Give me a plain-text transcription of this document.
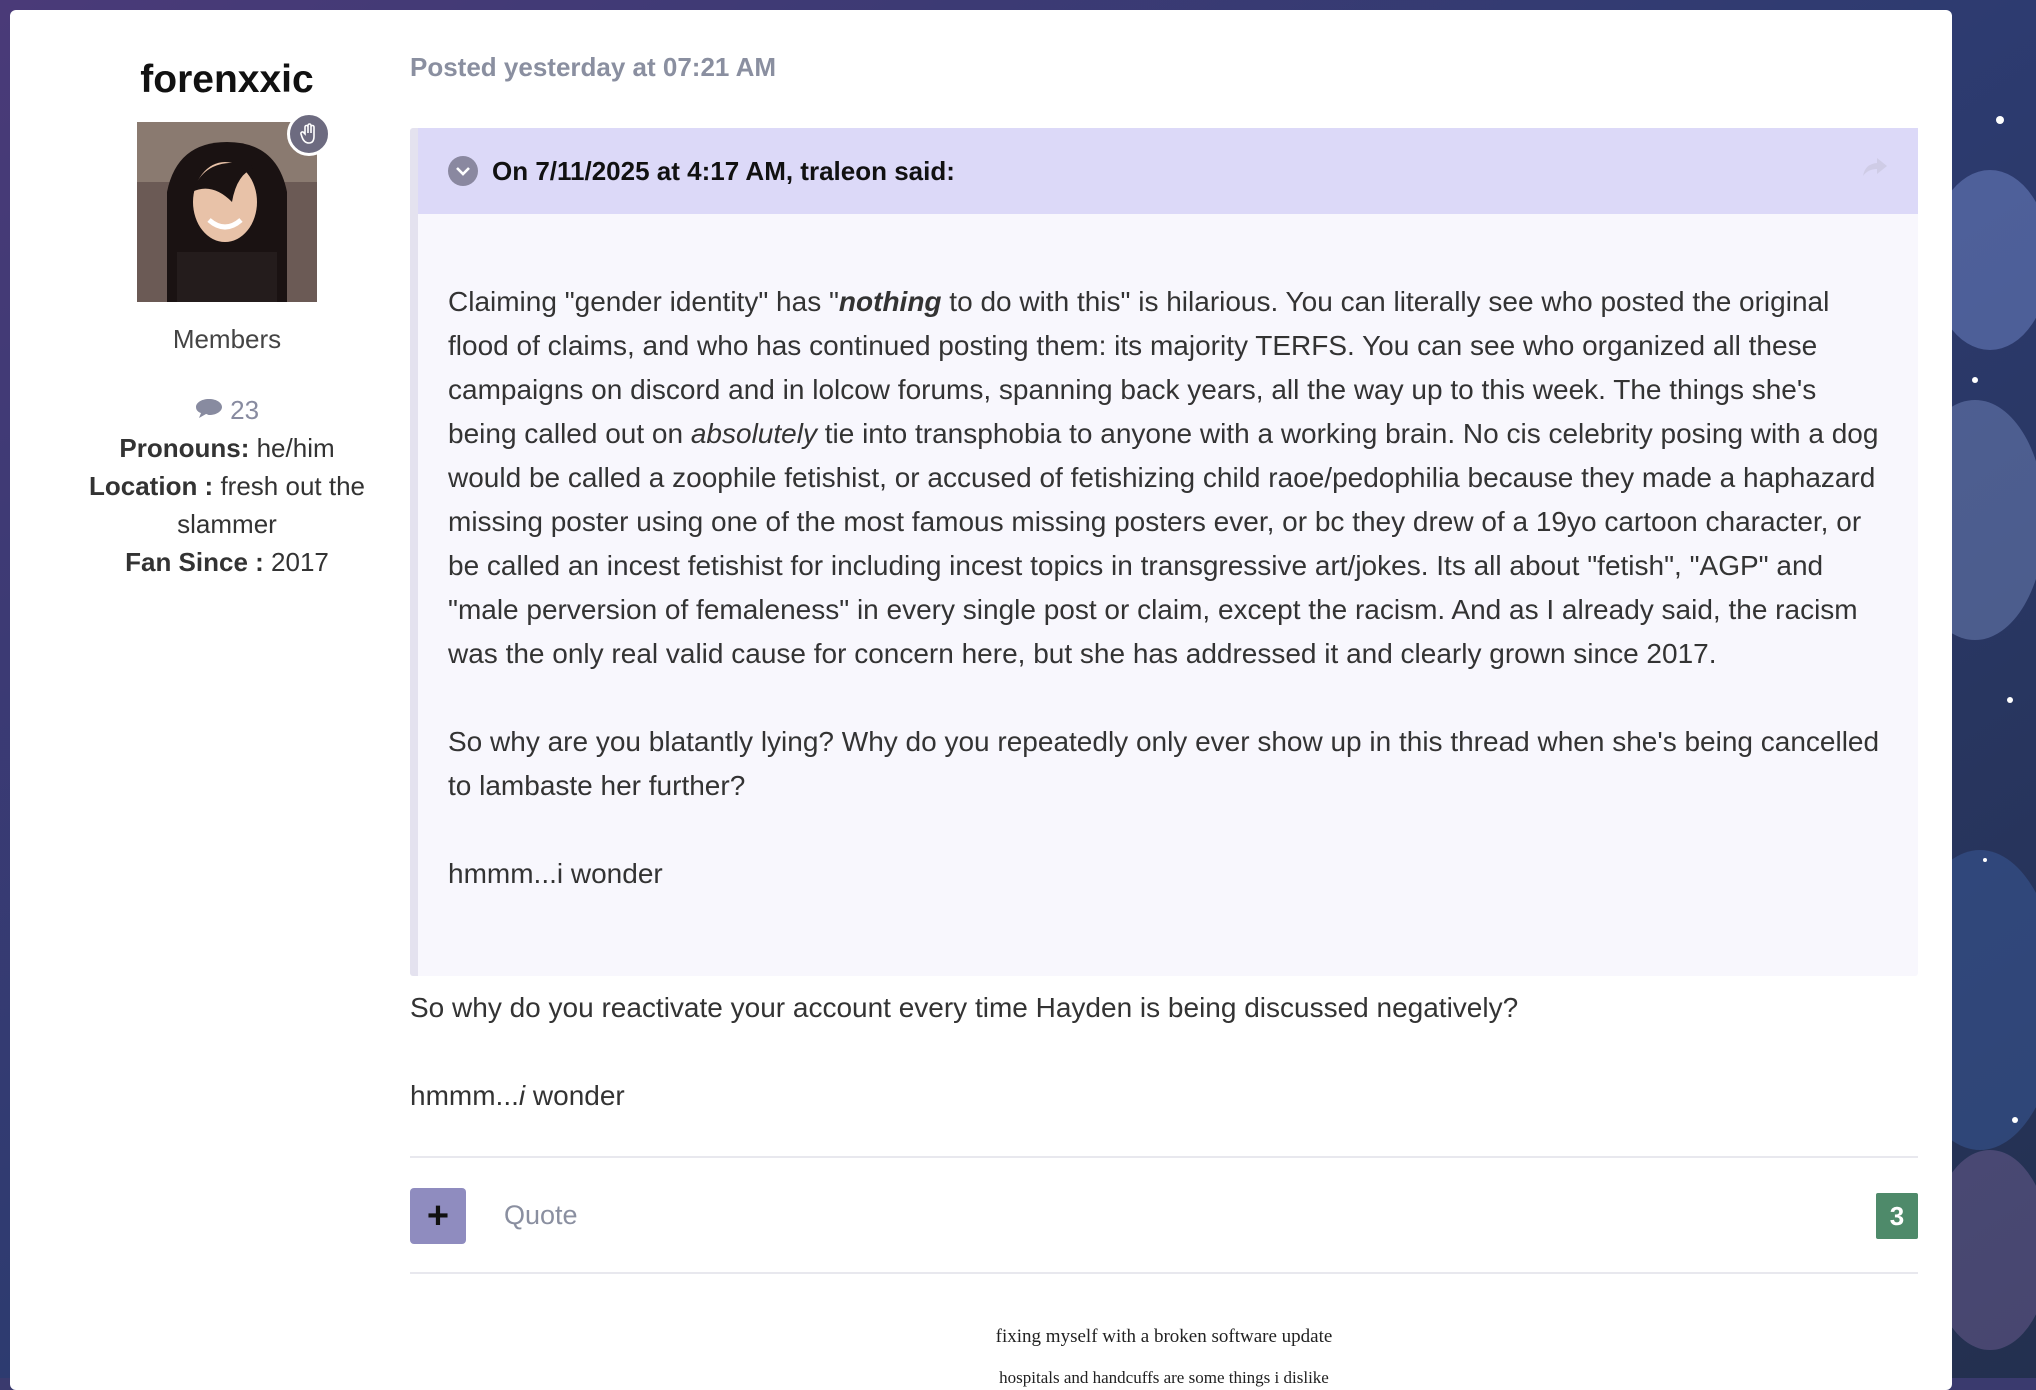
forenxxic
Members
23
Pronouns: he/him
Location : fresh out the slammer
Fan Since : 2017
Posted yesterday at 07:21 AM
On 7/11/2025 at 4:17 AM, traleon said:

Claiming "gender identity" has "nothing to do with this" is hilarious. You can literally see who posted the original flood of claims, and who has continued posting them: its majority TERFS. You can see who organized all these campaigns on discord and in lolcow forums, spanning back years, all the way up to this week. The things she's being called out on absolutely tie into transphobia to anyone with a working brain. No cis celebrity posing with a dog would be called a zoophile fetishist, or accused of fetishizing child raoe/pedophilia because they made a haphazard missing poster using one of the most famous missing posters ever, or bc they drew of a 19yo cartoon character, or be called an incest fetishist for including incest topics in transgressive art/jokes. Its all about "fetish", "AGP" and "male perversion of femaleness" in every single post or claim, except the racism. And as I already said, the racism was the only real valid cause for concern here, but she has addressed it and clearly grown since 2017.

So why are you blatantly lying? Why do you repeatedly only ever show up in this thread when she's being cancelled to lambaste her further?

hmmm...i wonder

So why do you reactivate your account every time Hayden is being discussed negatively?

hmmm...i wonder

+	Quote	3
fixing myself with a broken software update
hospitals and handcuffs are some things i dislike
